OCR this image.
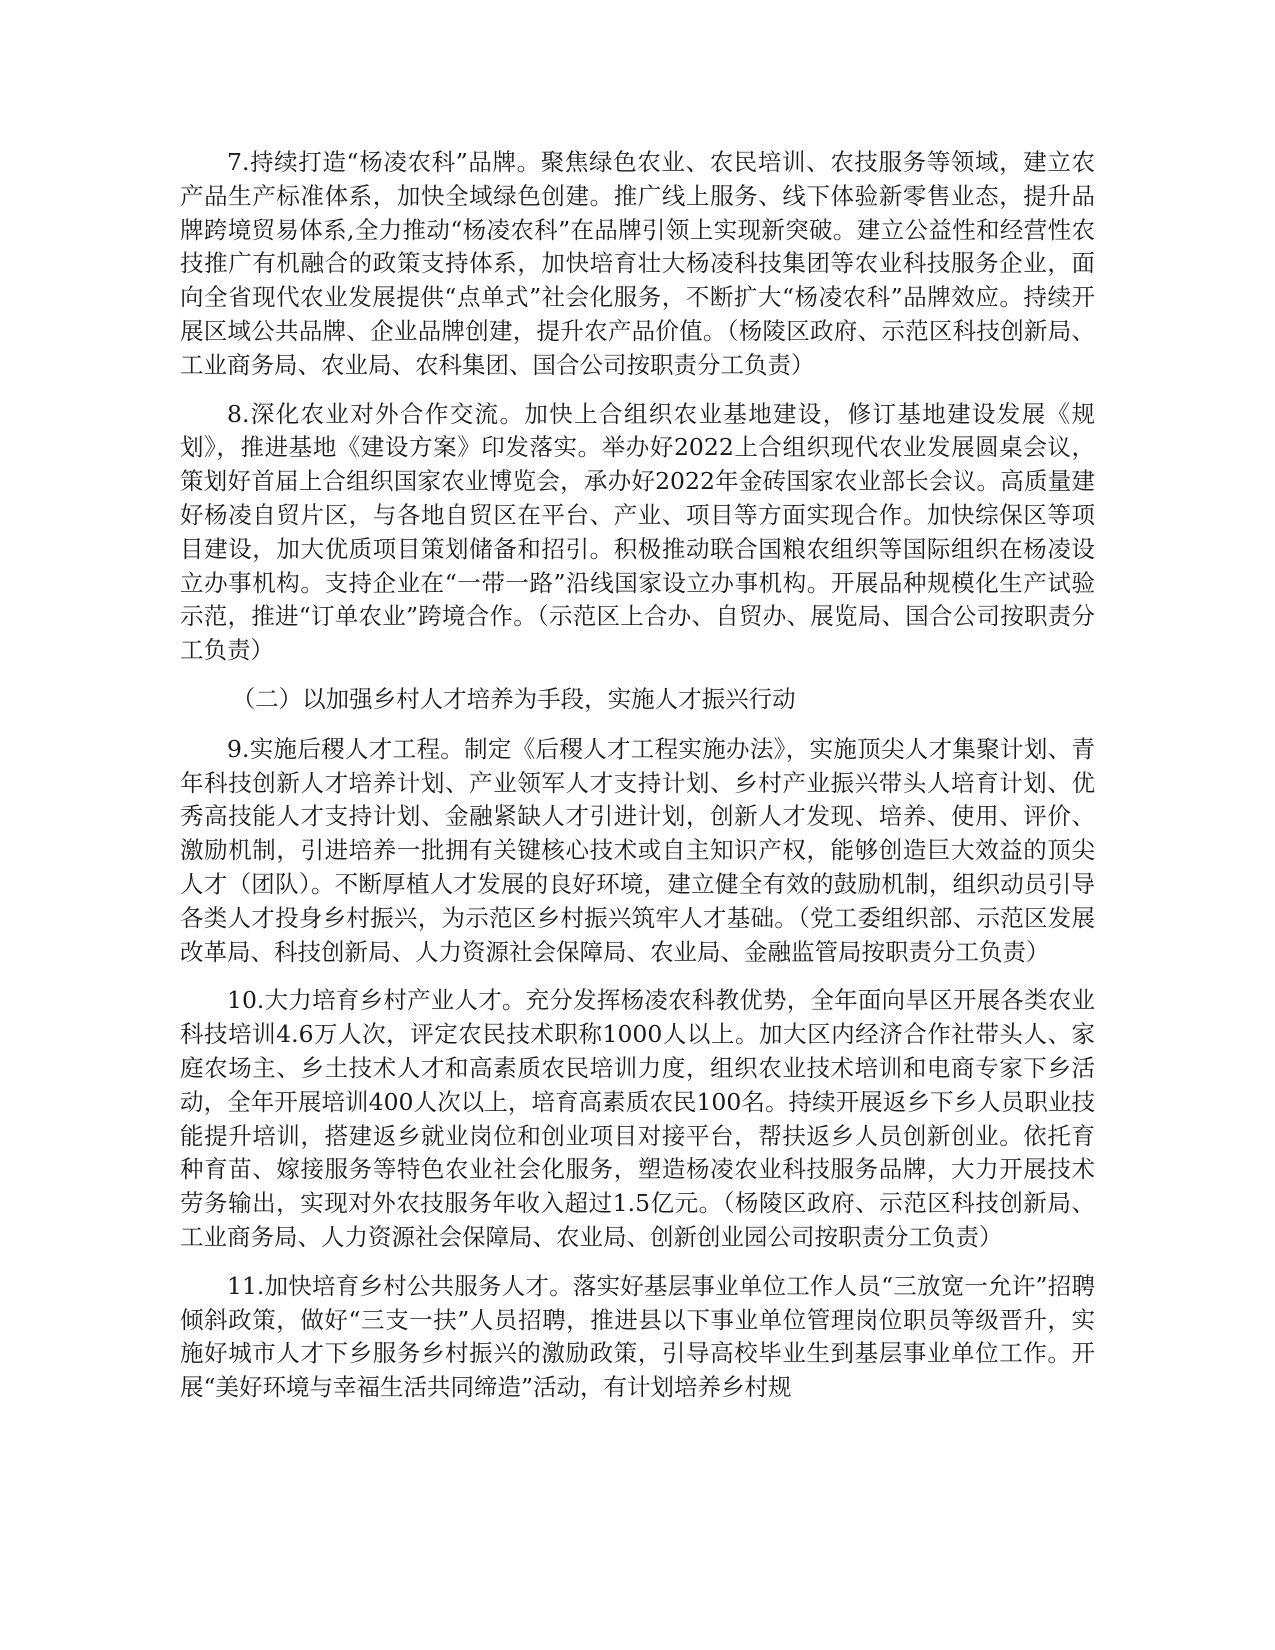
7.持续打造“杨凌农科”品牌。聚焦绿色农业、农民培训、农技服务等领域，建立农产品生产标准体系，加快全域绿色创建。推广线上服务、线下体验新零售业态，提升品牌跨境贸易体系,全力推动“杨凌农科”在品牌引领上实现新突破。建立公益性和经营性农技推广有机融合的政策支持体系，加快培育壮大杨凌科技集团等农业科技服务企业，面向全省现代农业发展提供“点单式”社会化服务，不断扩大“杨凌农科”品牌效应。持续开展区域公共品牌、企业品牌创建，提升农产品价值。（杨陵区政府、示范区科技创新局、工业商务局、农业局、农科集团、国合公司按职责分工负责）

8.深化农业对外合作交流。加快上合组织农业基地建设，修订基地建设发展《规划》，推进基地《建设方案》印发落实。举办好2022上合组织现代农业发展圆桌会议，策划好首届上合组织国家农业博览会，承办好2022年金砖国家农业部长会议。高质量建好杨凌自贸片区，与各地自贸区在平台、产业、项目等方面实现合作。加快综保区等项目建设，加大优质项目策划储备和招引。积极推动联合国粮农组织等国际组织在杨凌设立办事机构。支持企业在“一带一路”沿线国家设立办事机构。开展品种规模化生产试验示范，推进“订单农业”跨境合作。（示范区上合办、自贸办、展览局、国合公司按职责分工负责）

（二）以加强乡村人才培养为手段，实施人才振兴行动

9.实施后稷人才工程。制定《后稷人才工程实施办法》，实施顶尖人才集聚计划、青年科技创新人才培养计划、产业领军人才支持计划、乡村产业振兴带头人培育计划、优秀高技能人才支持计划、金融紧缺人才引进计划，创新人才发现、培养、使用、评价、激励机制，引进培养一批拥有关键核心技术或自主知识产权，能够创造巨大效益的顶尖人才（团队）。不断厚植人才发展的良好环境，建立健全有效的鼓励机制，组织动员引导各类人才投身乡村振兴，为示范区乡村振兴筑牢人才基础。（党工委组织部、示范区发展改革局、科技创新局、人力资源社会保障局、农业局、金融监管局按职责分工负责）

10.大力培育乡村产业人才。充分发挥杨凌农科教优势，全年面向旱区开展各类农业科技培训4.6万人次，评定农民技术职称1000人以上。加大区内经济合作社带头人、家庭农场主、乡土技术人才和高素质农民培训力度，组织农业技术培训和电商专家下乡活动，全年开展培训400人次以上，培育高素质农民100名。持续开展返乡下乡人员职业技能提升培训，搭建返乡就业岗位和创业项目对接平台，帮扶返乡人员创新创业。依托育种育苗、嫁接服务等特色农业社会化服务，塑造杨凌农业科技服务品牌，大力开展技术劳务输出，实现对外农技服务年收入超过1.5亿元。（杨陵区政府、示范区科技创新局、工业商务局、人力资源社会保障局、农业局、创新创业园公司按职责分工负责）

11.加快培育乡村公共服务人才。落实好基层事业单位工作人员“三放宽一允许”招聘倾斜政策，做好“三支一扶”人员招聘，推进县以下事业单位管理岗位职员等级晋升，实施好城市人才下乡服务乡村振兴的激励政策，引导高校毕业生到基层事业单位工作。开展“美好环境与幸福生活共同缔造”活动，有计划培养乡村规
